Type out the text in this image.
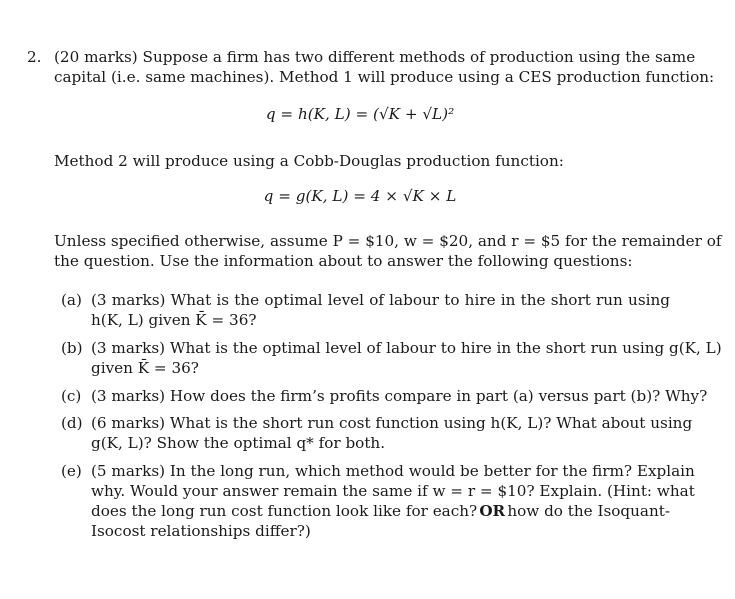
2. (20 marks) Suppose a firm has two different methods of production using the same
capital (i.e. same machines). Method 1 will produce using a CES production function:
q = h(K, L) = (√K + √L)²
Method 2 will produce using a Cobb-Douglas production function:
q = g(K, L) = 4 × √K × L
Unless specified otherwise, assume P = $10, w = $20, and r = $5 for the remainder of
the question. Use the information about to answer the following questions:
(a) (3 marks) What is the optimal level of labour to hire in the short run using
h(K, L) given K̄ = 36?
(b) (3 marks) What is the optimal level of labour to hire in the short run using g(K, L)
given K̄ = 36?
(c) (3 marks) How does the firm’s profits compare in part (a) versus part (b)? Why?
(d) (6 marks) What is the short run cost function using h(K, L)? What about using
g(K, L)? Show the optimal q* for both.
(e) (5 marks) In the long run, which method would be better for the firm? Explain
why. Would your answer remain the same if w = r = $10? Explain. (Hint: what
does the long run cost function look like for each? OR how do the Isoquant-
Isocost relationships differ?)
